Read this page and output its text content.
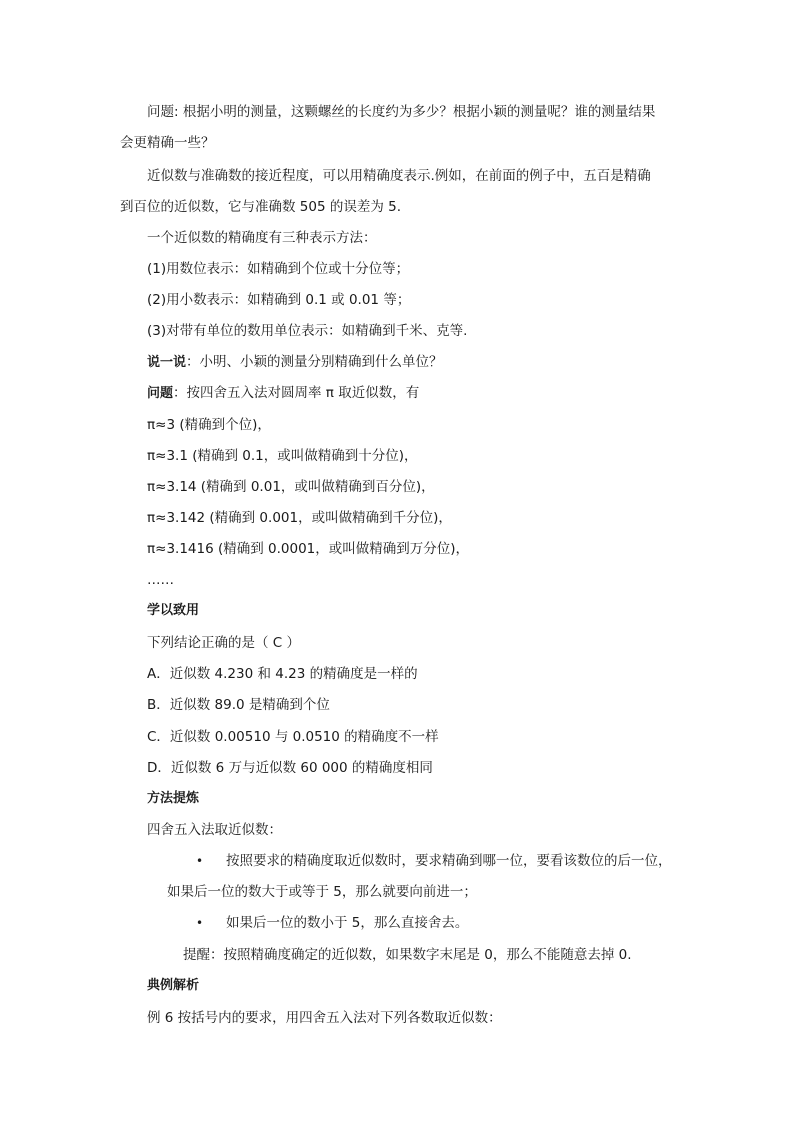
问题: 根据小明的测量，这颗螺丝的长度约为多少？根据小颖的测量呢？谁的测量结果
会更精确一些？
近似数与准确数的接近程度，可以用精确度表示.例如，在前面的例子中，五百是精确
到百位的近似数，它与准确数 505 的误差为 5.
一个近似数的精确度有三种表示方法：
(1)用数位表示：如精确到个位或十分位等；
(2)用小数表示：如精确到 0.1 或 0.01 等；
(3)对带有单位的数用单位表示：如精确到千米、克等.
说一说：小明、小颖的测量分别精确到什么单位？
问题：按四舍五入法对圆周率 π 取近似数，有
π≈3 (精确到个位)，
π≈3.1 (精确到 0.1，或叫做精确到十分位)，
π≈3.14 (精确到 0.01，或叫做精确到百分位)，
π≈3.142 (精确到 0.001，或叫做精确到千分位)，
π≈3.1416 (精确到 0.0001，或叫做精确到万分位)，
……
学以致用
下列结论正确的是（ C ）
A．近似数 4.230 和 4.23 的精确度是一样的
B．近似数 89.0 是精确到个位
C．近似数 0.00510 与 0.0510 的精确度不一样
D．近似数 6 万与近似数 60 000 的精确度相同
方法提炼
四舍五入法取近似数：
• 按照要求的精确度取近似数时，要求精确到哪一位，要看该数位的后一位，
如果后一位的数大于或等于 5，那么就要向前进一；
• 如果后一位的数小于 5，那么直接舍去。
提醒：按照精确度确定的近似数，如果数字末尾是 0，那么不能随意去掉 0.
典例解析
例 6 按括号内的要求，用四舍五入法对下列各数取近似数：
